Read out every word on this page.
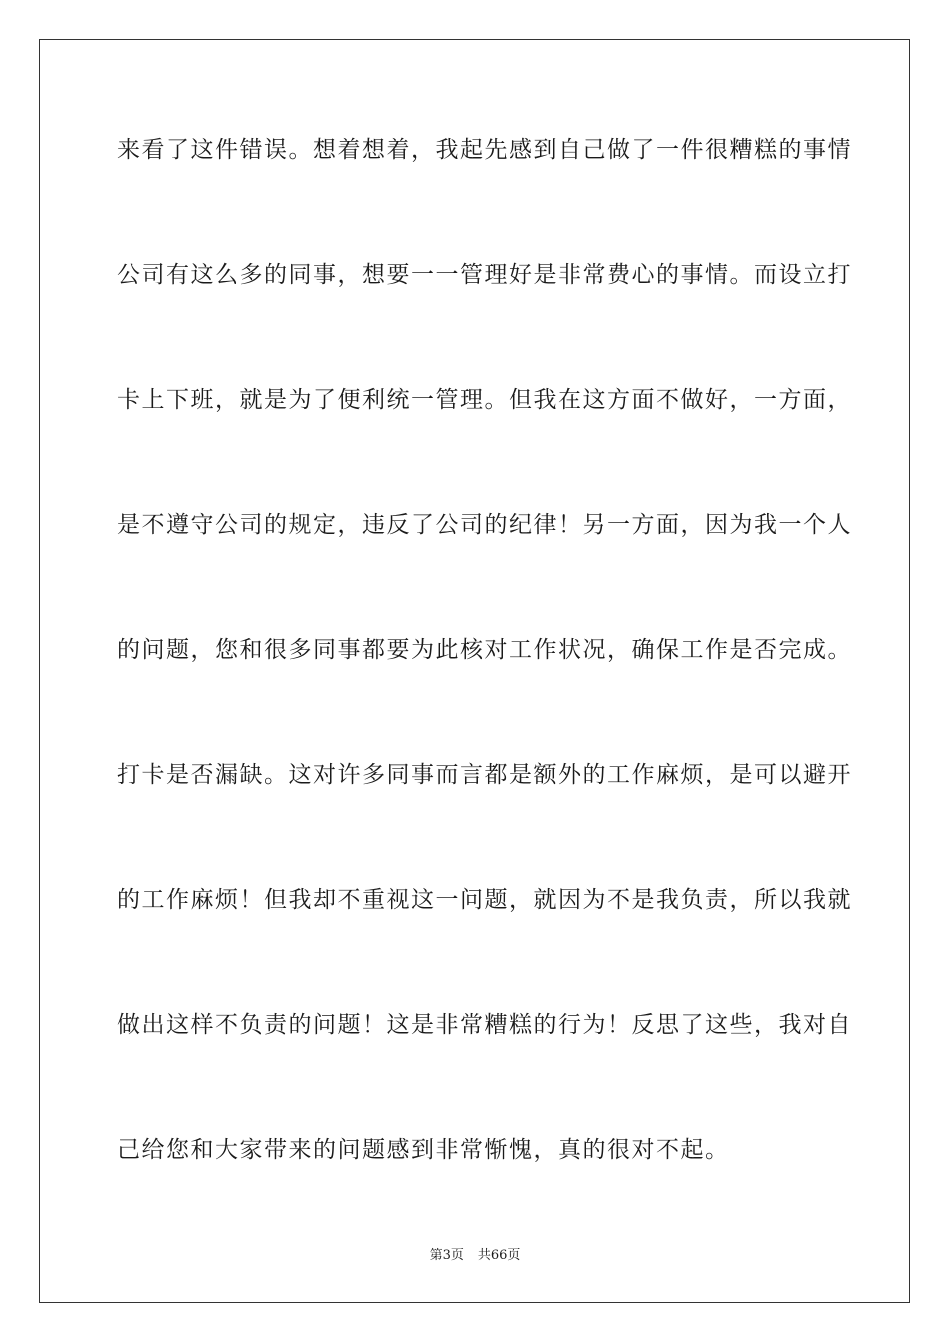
来看了这件错误。想着想着，我起先感到自己做了一件很糟糕的事情
公司有这么多的同事，想要一一管理好是非常费心的事情。而设立打
卡上下班，就是为了便利统一管理。但我在这方面不做好，一方面，
是不遵守公司的规定，违反了公司的纪律！另一方面，因为我一个人
的问题，您和很多同事都要为此核对工作状况，确保工作是否完成。
打卡是否漏缺。这对许多同事而言都是额外的工作麻烦，是可以避开
的工作麻烦！但我却不重视这一问题，就因为不是我负责，所以我就
做出这样不负责的问题！这是非常糟糕的行为！反思了这些，我对自
己给您和大家带来的问题感到非常惭愧，真的很对不起。
第3页 共66页
